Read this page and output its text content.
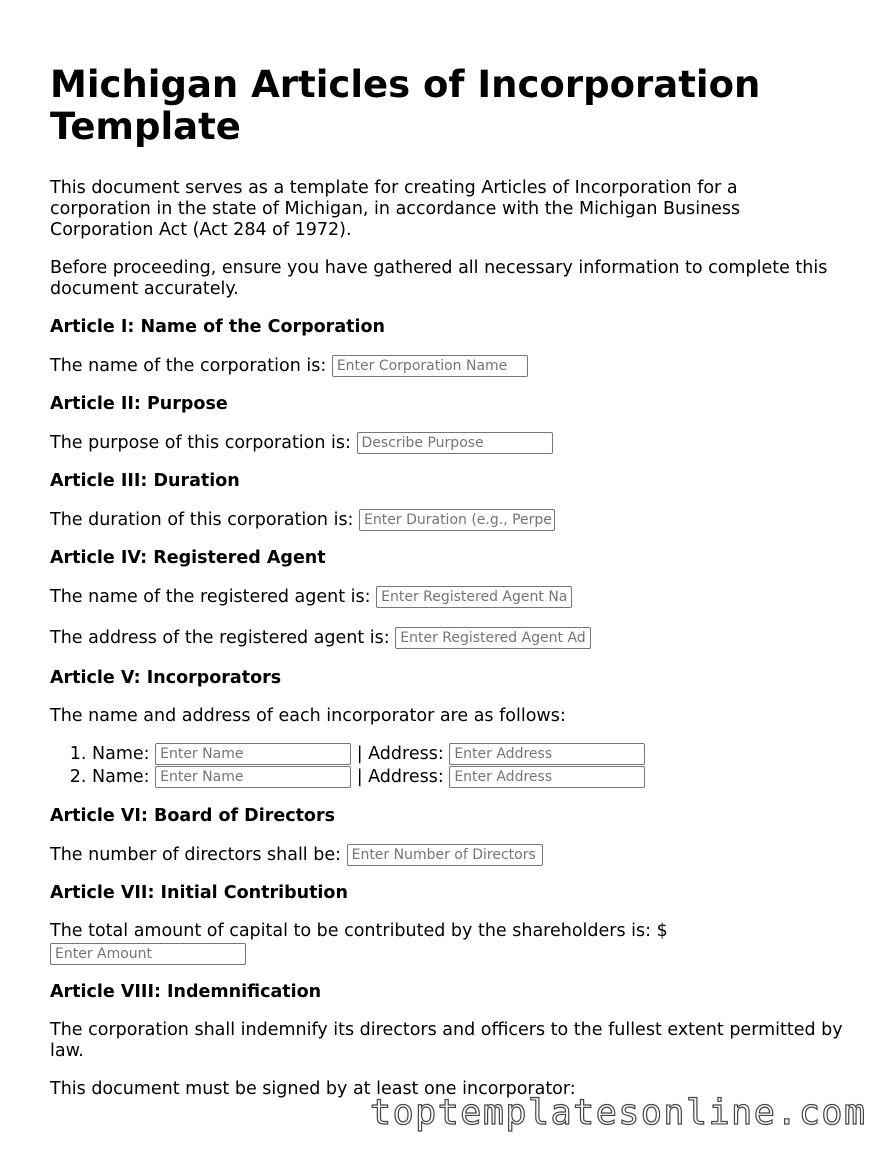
Michigan Articles of Incorporation Template

This document serves as a template for creating Articles of Incorporation for a corporation in the state of Michigan, in accordance with the Michigan Business Corporation Act (Act 284 of 1972).

Before proceeding, ensure you have gathered all necessary information to complete this document accurately.

Article I: Name of the Corporation

The name of the corporation is: Enter Corporation Name

Article II: Purpose

The purpose of this corporation is: Describe Purpose

Article III: Duration

The duration of this corporation is: Enter Duration (e.g., Perpe

Article IV: Registered Agent

The name of the registered agent is: Enter Registered Agent Na

The address of the registered agent is: Enter Registered Agent Ad

Article V: Incorporators

The name and address of each incorporator are as follows:

1. Name: Enter Name	| Address: Enter Address
2. Name: Enter Name	| Address: Enter Address
Article VI: Board of Directors

The number of directors shall be: Enter Number of Directors

Article VII: Initial Contribution

The total amount of capital to be contributed by the shareholders is: $

Enter Amount
Article VIII: Indemnification

The corporation shall indemnify its directors and officers to the fullest extent permitted by law.

This document must be signed by at least one incorporator:

toptemplatesonline.com
